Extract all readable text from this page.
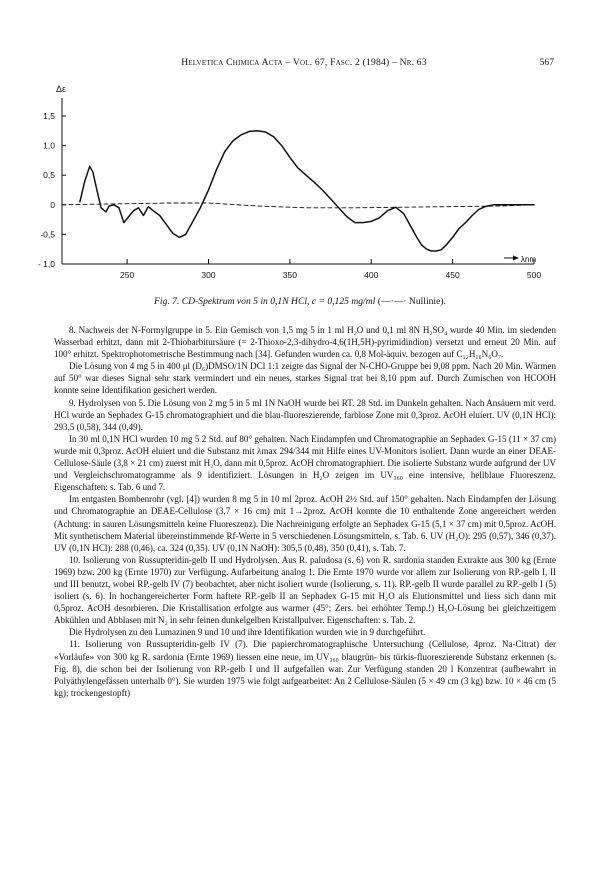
Helvetica Chimica Acta – Vol. 67, Fasc. 2 (1984) – Nr. 63	567
1,5
1,0
0,5
0
-0,5
- 1,0
250	300	350	400	450	500
Δε
λnm
Fig. 7. CD-Spektrum von 5 in 0,1N HCl, c = 0,125 mg/ml (—·—· Nullinie).

8. Nachweis der N-Formylgruppe in 5. Ein Gemisch von 1,5 mg 5 in 1 ml H₂O und 0,1 ml 8N H₂SO₄ wurde 40 Min. im siedenden Wasserbad erhitzt, dann mit 2-Thiobarbitursäure (= 2-Thioxo-2,3-dihydro-4,6(1H,5H)-pyrimidindion) versetzt und erneut 20 Min. auf 100° erhitzt. Spektrophotometrische Bestimmung nach [34]. Gefunden wurden ca. 0,8 Mol-äquiv. bezogen auf C₁₂H₁₆N₆O₇.

Die Lösung von 4 mg 5 in 400 μl (D₆)DMSO/1N DCl 1:1 zeigte das Signal der N-CHO-Gruppe bei 9,08 ppm. Nach 20 Min. Wärmen auf 50° war dieses Signal sehr stark vermindert und ein neues, starkes Signal trat bei 8,10 ppm auf. Durch Zumischen von HCOOH konnte seine Identifikation gesichert werden.

9. Hydrolysen von 5. Die Lösung von 2 mg 5 in 5 ml 1N NaOH wurde bei RT. 28 Std. im Dunkeln gehalten. Nach Ansäuern mit verd. HCl wurde an Sephadex G-15 chromatographiert und die blau-fluoreszierende, farblose Zone mit 0,3proz. AcOH eluiert. UV (0,1N HCl): 293,5 (0,58), 344 (0,49).

In 30 ml 0,1N HCl wurden 10 mg 5 2 Std. auf 80° gehalten. Nach Eindampfen und Chromatographie an Sephadex G-15 (11 × 37 cm) wurde mit 0,3proz. AcOH eluiert und die Substanz mit λmax 294/344 mit Hilfe eines UV-Monitors isoliert. Dann wurde an einer DEAE-Cellulose-Säule (3,8 × 21 cm) zuerst mit H₂O, dann mit 0,5proz. AcOH chromatographiert. Die isolierte Substanz wurde aufgrund der UV und Vergleichschromatogramme als 9 identifiziert. Lösungen in H₂O zeigen im UV₃₆₀ eine intensive, hellblaue Fluoreszenz. Eigenschaften: s. Tab. 6 und 7.

Im entgasten Bombenrohr (vgl. [4]) wurden 8 mg 5 in 10 ml 2proz. AcOH 2½ Std. auf 150° gehalten. Nach Eindampfen der Lösung und Chromatographie an DEAE-Cellulose (3,7 × 16 cm) mit 1→2proz. AcOH konnte die 10 enthaltende Zone angereichert werden (Achtung: in sauren Lösungsmitteln keine Fluoreszenz). Die Nachreinigung erfolgte an Sephadex G-15 (5,1 × 37 cm) mit 0,5proz. AcOH. Mit synthetischem Material übereinstimmende Rf-Werte in 5 verschiedenen Lösungsmitteln, s. Tab. 6. UV (H₂O): 295 (0,57), 346 (0,37). UV (0,1N HCl): 288 (0,46), ca. 324 (0,35). UV (0,1N NaOH): 305,5 (0,48), 350 (0,41), s. Tab. 7.

10. Isolierung von Russupteridin-gelb II und Hydrolysen. Aus R. paludosa (s. 6) von R. sardonia standen Extrakte aus 300 kg (Ernte 1969) bzw. 200 kg (Ernte 1970) zur Verfügung. Aufarbeitung analog 1. Die Ernte 1970 wurde vor allem zur Isolierung von RP.-gelb I, II und III benutzt, wobei RP.-gelb IV (7) beobachtet, aber nicht isoliert wurde (Isolierung, s. 11). RP.-gelb II wurde parallel zu RP.-gelb I (5) isoliert (s. 6). In hochangereicherter Form haftete RP.-gelb II an Sephadex G-15 mit H₂O als Elutionsmittel und liess sich dann mit 0,5proz. AcOH desorbieren. Die Kristallisation erfolgte aus warmer (45°; Zers. bei erhöhter Temp.!) H₂O-Lösung bei gleichzeitigem Abkühlen und Abblasen mit N₂ in sehr feinen dunkelgelben Kristallpulver. Eigenschaften: s. Tab. 2.

Die Hydrolysen zu den Lumazinen 9 und 10 und ihre Identifikation wurden wie in 9 durchgeführt.

11. Isolierung von Russupteridin-gelb IV (7). Die papierchromatographische Untersuchung (Cellulose, 4proz. Na-Citrat) der «Vorläufe» von 300 kg R. sardonia (Ernte 1969) liessen eine neue, im UV₃₆₀ blaugrün- bis türkis-fluoreszierende Substanz erkennen (s. Fig. 8), die schon bei der Isolierung von RP.-gelb I und II aufgefallen war. Zur Verfügung standen 20 l Konzentrat (aufbewahrt in Polyäthylengefässen unterhalb 0°). Sie wurden 1975 wie folgt aufgearbeitet: An 2 Cellulose-Säulen (5 × 49 cm (3 kg) bzw. 10 × 46 cm (5 kg); trockengestopft)
